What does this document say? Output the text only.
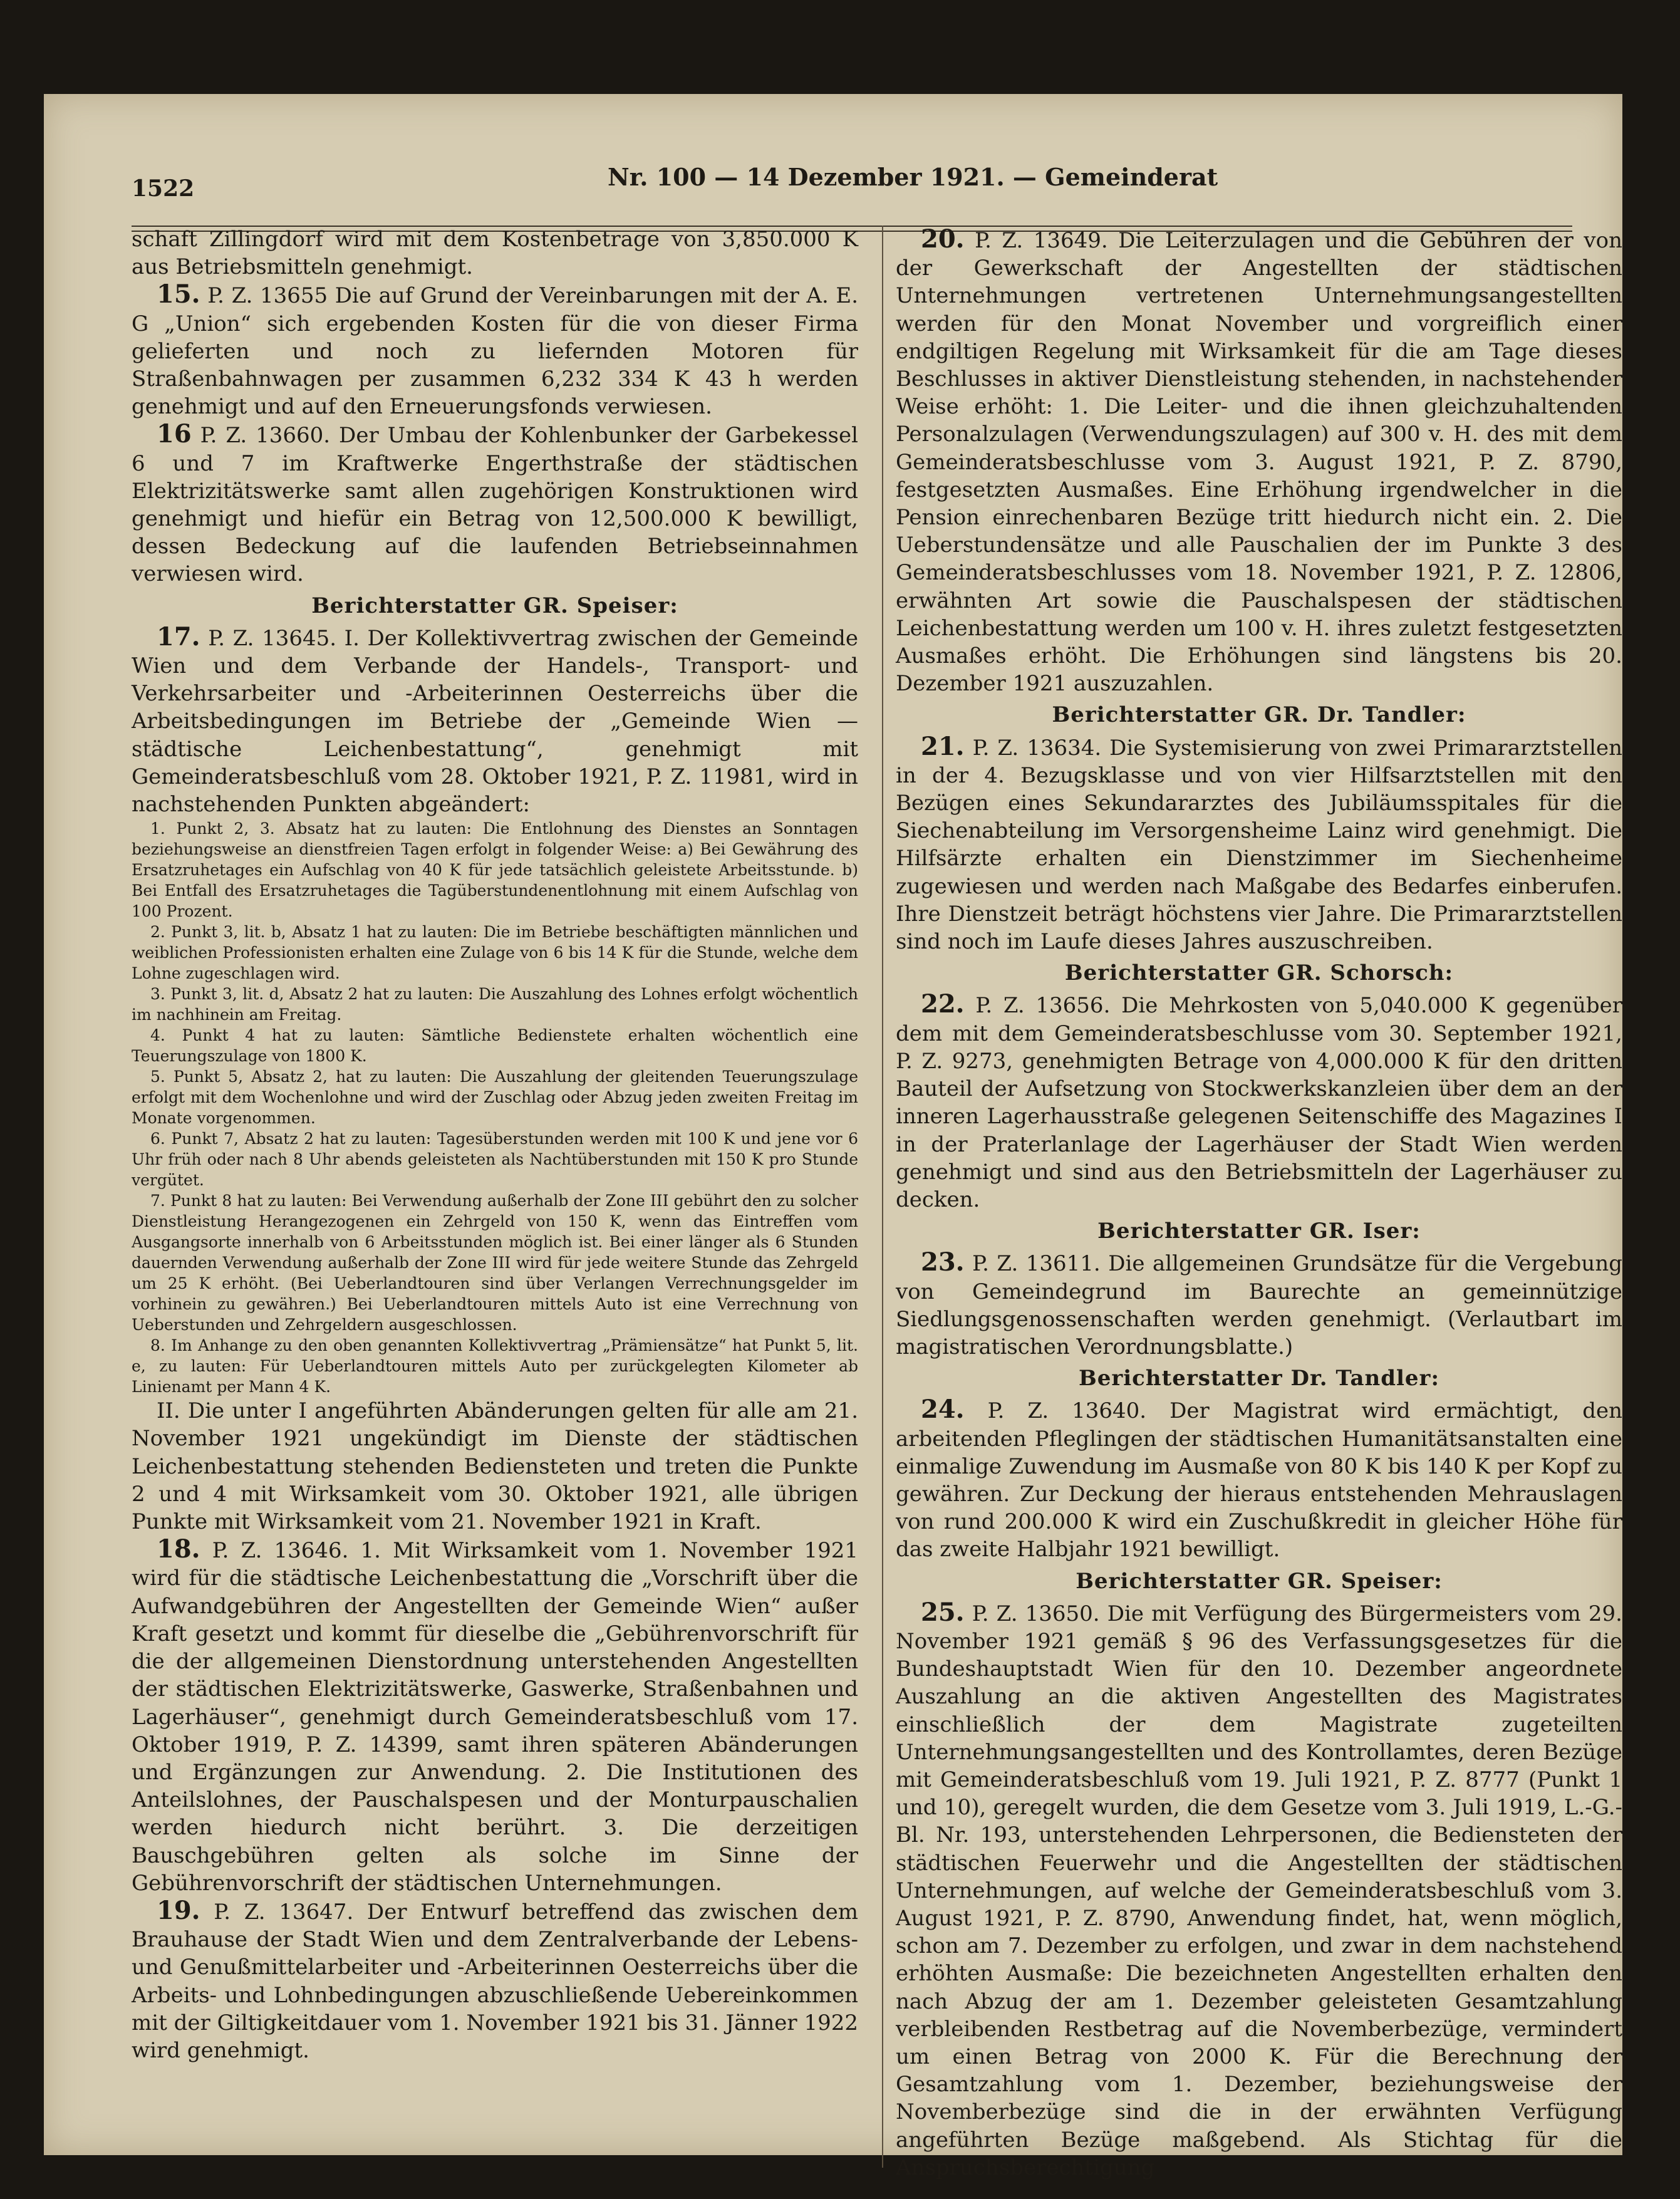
1522	Nr. 100 — 14 Dezember 1921. — Gemeinderat

schaft Zillingdorf wird mit dem Kostenbetrage von 3,850.000 K aus Betriebsmitteln genehmigt.

15. P. Z. 13655 Die auf Grund der Vereinbarungen mit der A. E. G „Union“ sich ergebenden Kosten für die von dieser Firma gelieferten und noch zu liefernden Motoren für Straßenbahnwagen per zusammen 6,232 334 K 43 h werden genehmigt und auf den Erneuerungsfonds verwiesen.

16 P. Z. 13660. Der Umbau der Kohlenbunker der Garbekessel 6 und 7 im Kraftwerke Engerthstraße der städtischen Elektrizitätswerke samt allen zugehörigen Konstruktionen wird genehmigt und hiefür ein Betrag von 12,500.000 K bewilligt, dessen Bedeckung auf die laufenden Betriebseinnahmen verwiesen wird.

Berichterstatter GR. Speiser:

17. P. Z. 13645. I. Der Kollektivvertrag zwischen der Gemeinde Wien und dem Verbande der Handels-, Transport- und Verkehrsarbeiter und -Arbeiterinnen Oesterreichs über die Arbeitsbedingungen im Betriebe der „Gemeinde Wien — städtische Leichenbestattung“, genehmigt mit Gemeinderatsbeschluß vom 28. Oktober 1921, P. Z. 11981, wird in nachstehenden Punkten abgeändert:

1. Punkt 2, 3. Absatz hat zu lauten: Die Entlohnung des Dienstes an Sonntagen beziehungsweise an dienstfreien Tagen erfolgt in folgender Weise: a) Bei Gewährung des Ersatzruhetages ein Aufschlag von 40 K für jede tatsächlich geleistete Arbeitsstunde. b) Bei Entfall des Ersatzruhetages die Tagüberstundenentlohnung mit einem Aufschlag von 100 Prozent.

2. Punkt 3, lit. b, Absatz 1 hat zu lauten: Die im Betriebe beschäftigten männlichen und weiblichen Professionisten erhalten eine Zulage von 6 bis 14 K für die Stunde, welche dem Lohne zugeschlagen wird.

3. Punkt 3, lit. d, Absatz 2 hat zu lauten: Die Auszahlung des Lohnes erfolgt wöchentlich im nachhinein am Freitag.

4. Punkt 4 hat zu lauten: Sämtliche Bedienstete erhalten wöchentlich eine Teuerungszulage von 1800 K.

5. Punkt 5, Absatz 2, hat zu lauten: Die Auszahlung der gleitenden Teuerungszulage erfolgt mit dem Wochenlohne und wird der Zuschlag oder Abzug jeden zweiten Freitag im Monate vorgenommen.

6. Punkt 7, Absatz 2 hat zu lauten: Tagesüberstunden werden mit 100 K und jene vor 6 Uhr früh oder nach 8 Uhr abends geleisteten als Nachtüberstunden mit 150 K pro Stunde vergütet.

7. Punkt 8 hat zu lauten: Bei Verwendung außerhalb der Zone III gebührt den zu solcher Dienstleistung Herangezogenen ein Zehrgeld von 150 K, wenn das Eintreffen vom Ausgangsorte innerhalb von 6 Arbeitsstunden möglich ist. Bei einer länger als 6 Stunden dauernden Verwendung außerhalb der Zone III wird für jede weitere Stunde das Zehrgeld um 25 K erhöht. (Bei Ueberlandtouren sind über Verlangen Verrechnungsgelder im vorhinein zu gewähren.) Bei Ueberlandtouren mittels Auto ist eine Verrechnung von Ueberstunden und Zehrgeldern ausgeschlossen.

8. Im Anhange zu den oben genannten Kollektivvertrag „Prämiensätze“ hat Punkt 5, lit. e, zu lauten: Für Ueberlandtouren mittels Auto per zurückgelegten Kilometer ab Linienamt per Mann 4 K.

II. Die unter I angeführten Abänderungen gelten für alle am 21. November 1921 ungekündigt im Dienste der städtischen Leichenbestattung stehenden Bediensteten und treten die Punkte 2 und 4 mit Wirksamkeit vom 30. Oktober 1921, alle übrigen Punkte mit Wirksamkeit vom 21. November 1921 in Kraft.

18. P. Z. 13646. 1. Mit Wirksamkeit vom 1. November 1921 wird für die städtische Leichenbestattung die „Vorschrift über die Aufwandgebühren der Angestellten der Gemeinde Wien“ außer Kraft gesetzt und kommt für dieselbe die „Gebührenvorschrift für die der allgemeinen Dienstordnung unterstehenden Angestellten der städtischen Elektrizitätswerke, Gaswerke, Straßenbahnen und Lagerhäuser“, genehmigt durch Gemeinderatsbeschluß vom 17. Oktober 1919, P. Z. 14399, samt ihren späteren Abänderungen und Ergänzungen zur Anwendung. 2. Die Institutionen des Anteilslohnes, der Pauschalspesen und der Monturpauschalien werden hiedurch nicht berührt. 3. Die derzeitigen Bauschgebühren gelten als solche im Sinne der Gebührenvorschrift der städtischen Unternehmungen.

19. P. Z. 13647. Der Entwurf betreffend das zwischen dem Brauhause der Stadt Wien und dem Zentralverbande der Lebens- und Genußmittelarbeiter und -Arbeiterinnen Oesterreichs über die Arbeits- und Lohnbedingungen abzuschließende Uebereinkommen mit der Giltigkeitdauer vom 1. November 1921 bis 31. Jänner 1922 wird genehmigt.

20. P. Z. 13649. Die Leiterzulagen und die Gebühren der von der Gewerkschaft der Angestellten der städtischen Unternehmungen vertretenen Unternehmungsangestellten werden für den Monat November und vorgreiflich einer endgiltigen Regelung mit Wirksamkeit für die am Tage dieses Beschlusses in aktiver Dienstleistung stehenden, in nachstehender Weise erhöht: 1. Die Leiter- und die ihnen gleichzuhaltenden Personalzulagen (Verwendungszulagen) auf 300 v. H. des mit dem Gemeinderatsbeschlusse vom 3. August 1921, P. Z. 8790, festgesetzten Ausmaßes. Eine Erhöhung irgendwelcher in die Pension einrechenbaren Bezüge tritt hiedurch nicht ein. 2. Die Ueberstundensätze und alle Pauschalien der im Punkte 3 des Gemeinderatsbeschlusses vom 18. November 1921, P. Z. 12806, erwähnten Art sowie die Pauschalspesen der städtischen Leichenbestattung werden um 100 v. H. ihres zuletzt festgesetzten Ausmaßes erhöht. Die Erhöhungen sind längstens bis 20. Dezember 1921 auszuzahlen.

Berichterstatter GR. Dr. Tandler:

21. P. Z. 13634. Die Systemisierung von zwei Primararztstellen in der 4. Bezugsklasse und von vier Hilfsarztstellen mit den Bezügen eines Sekundararztes des Jubiläumsspitales für die Siechenabteilung im Versorgensheime Lainz wird genehmigt. Die Hilfsärzte erhalten ein Dienstzimmer im Siechenheime zugewiesen und werden nach Maßgabe des Bedarfes einberufen. Ihre Dienstzeit beträgt höchstens vier Jahre. Die Primararztstellen sind noch im Laufe dieses Jahres auszuschreiben.

Berichterstatter GR. Schorsch:

22. P. Z. 13656. Die Mehrkosten von 5,040.000 K gegenüber dem mit dem Gemeinderatsbeschlusse vom 30. September 1921, P. Z. 9273, genehmigten Betrage von 4,000.000 K für den dritten Bauteil der Aufsetzung von Stockwerkskanzleien über dem an der inneren Lagerhausstraße gelegenen Seitenschiffe des Magazines I in der Praterlanlage der Lagerhäuser der Stadt Wien werden genehmigt und sind aus den Betriebsmitteln der Lagerhäuser zu decken.

Berichterstatter GR. Iser:

23. P. Z. 13611. Die allgemeinen Grundsätze für die Vergebung von Gemeindegrund im Baurechte an gemeinnützige Siedlungsgenossenschaften werden genehmigt. (Verlautbart im magistratischen Verordnungsblatte.)

Berichterstatter Dr. Tandler:

24. P. Z. 13640. Der Magistrat wird ermächtigt, den arbeitenden Pfleglingen der städtischen Humanitätsanstalten eine einmalige Zuwendung im Ausmaße von 80 K bis 140 K per Kopf zu gewähren. Zur Deckung der hieraus entstehenden Mehrauslagen von rund 200.000 K wird ein Zuschußkredit in gleicher Höhe für das zweite Halbjahr 1921 bewilligt.

Berichterstatter GR. Speiser:

25. P. Z. 13650. Die mit Verfügung des Bürgermeisters vom 29. November 1921 gemäß § 96 des Verfassungsgesetzes für die Bundeshauptstadt Wien für den 10. Dezember angeordnete Auszahlung an die aktiven Angestellten des Magistrates einschließlich der dem Magistrate zugeteilten Unternehmungsangestellten und des Kontrollamtes, deren Bezüge mit Gemeinderatsbeschluß vom 19. Juli 1921, P. Z. 8777 (Punkt 1 und 10), geregelt wurden, die dem Gesetze vom 3. Juli 1919, L.-G.-Bl. Nr. 193, unterstehenden Lehrpersonen, die Bediensteten der städtischen Feuerwehr und die Angestellten der städtischen Unternehmungen, auf welche der Gemeinderatsbeschluß vom 3. August 1921, P. Z. 8790, Anwendung findet, hat, wenn möglich, schon am 7. Dezember zu erfolgen, und zwar in dem nachstehend erhöhten Ausmaße: Die bezeichneten Angestellten erhalten den nach Abzug der am 1. Dezember geleisteten Gesamtzahlung verbleibenden Restbetrag auf die Novemberbezüge, vermindert um einen Betrag von 2000 K. Für die Berechnung der Gesamtzahlung vom 1. Dezember, beziehungsweise der Novemberbezüge sind die in der erwähnten Verfügung angeführten Bezüge maßgebend. Als Stichtag für die Anspruchsberechtigung
